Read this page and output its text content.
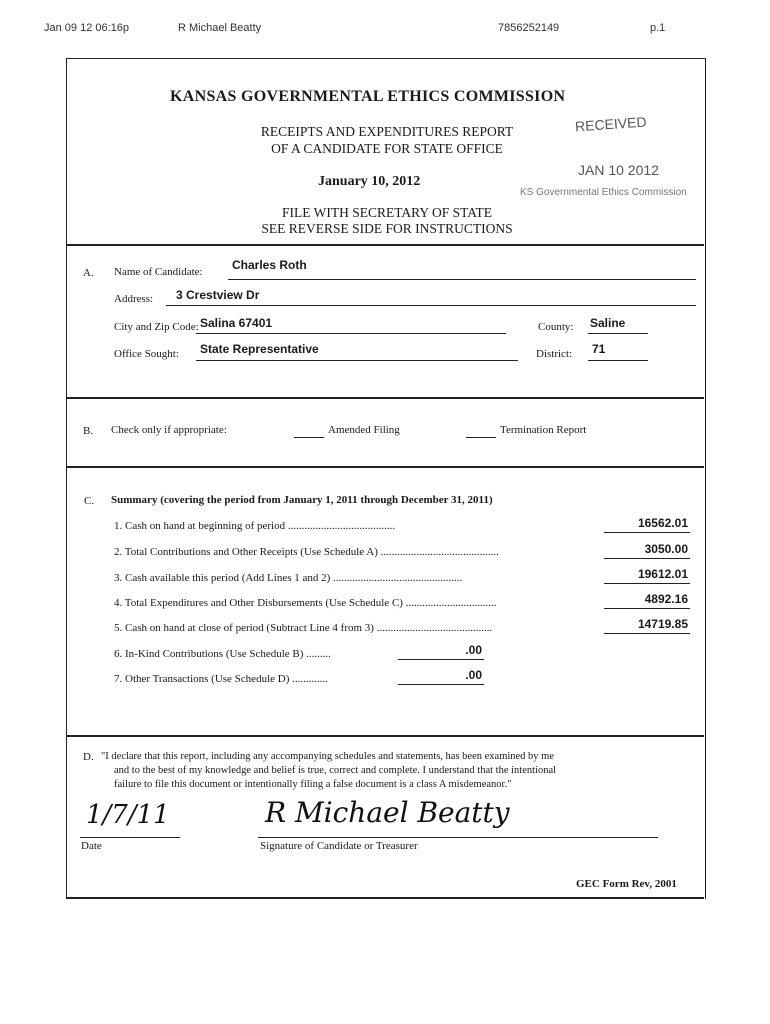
Jan 09 12 06:16p	R Michael Beatty	7856252149	p.1
KANSAS GOVERNMENTAL ETHICS COMMISSION
RECEIPTS AND EXPENDITURES REPORT
OF A CANDIDATE FOR STATE OFFICE
January 10, 2012
FILE WITH SECRETARY OF STATE
SEE REVERSE SIDE FOR INSTRUCTIONS
RECEIVED
JAN 10 2012
KS Governmental Ethics Commission
A. Name of Candidate: Charles Roth
Address: 3 Crestview Dr
City and Zip Code: Salina 67401	County: Saline
Office Sought: State Representative	District: 71
B. Check only if appropriate:	Amended Filing	Termination Report
C. Summary (covering the period from January 1, 2011 through December 31, 2011)
1. Cash on hand at beginning of period .......................................	16562.01
2. Total Contributions and Other Receipts (Use Schedule A) ...........................................	3050.00
3. Cash available this period (Add Lines 1 and 2) ...............................................	19612.01
4. Total Expenditures and Other Disbursements (Use Schedule C) .................................	4892.16
5. Cash on hand at close of period (Subtract Line 4 from 3) ..........................................	14719.85
6. In-Kind Contributions (Use Schedule B) .........	.00
7. Other Transactions (Use Schedule D) .............	.00
D. "I declare that this report, including any accompanying schedules and statements, has been examined by me
and to the best of my knowledge and belief is true, correct and complete. I understand that the intentional
failure to file this document or intentionally filing a false document is a class A misdemeanor."
1/7/11
Date
R Michael Beatty
Signature of Candidate or Treasurer
GEC Form Rev, 2001
